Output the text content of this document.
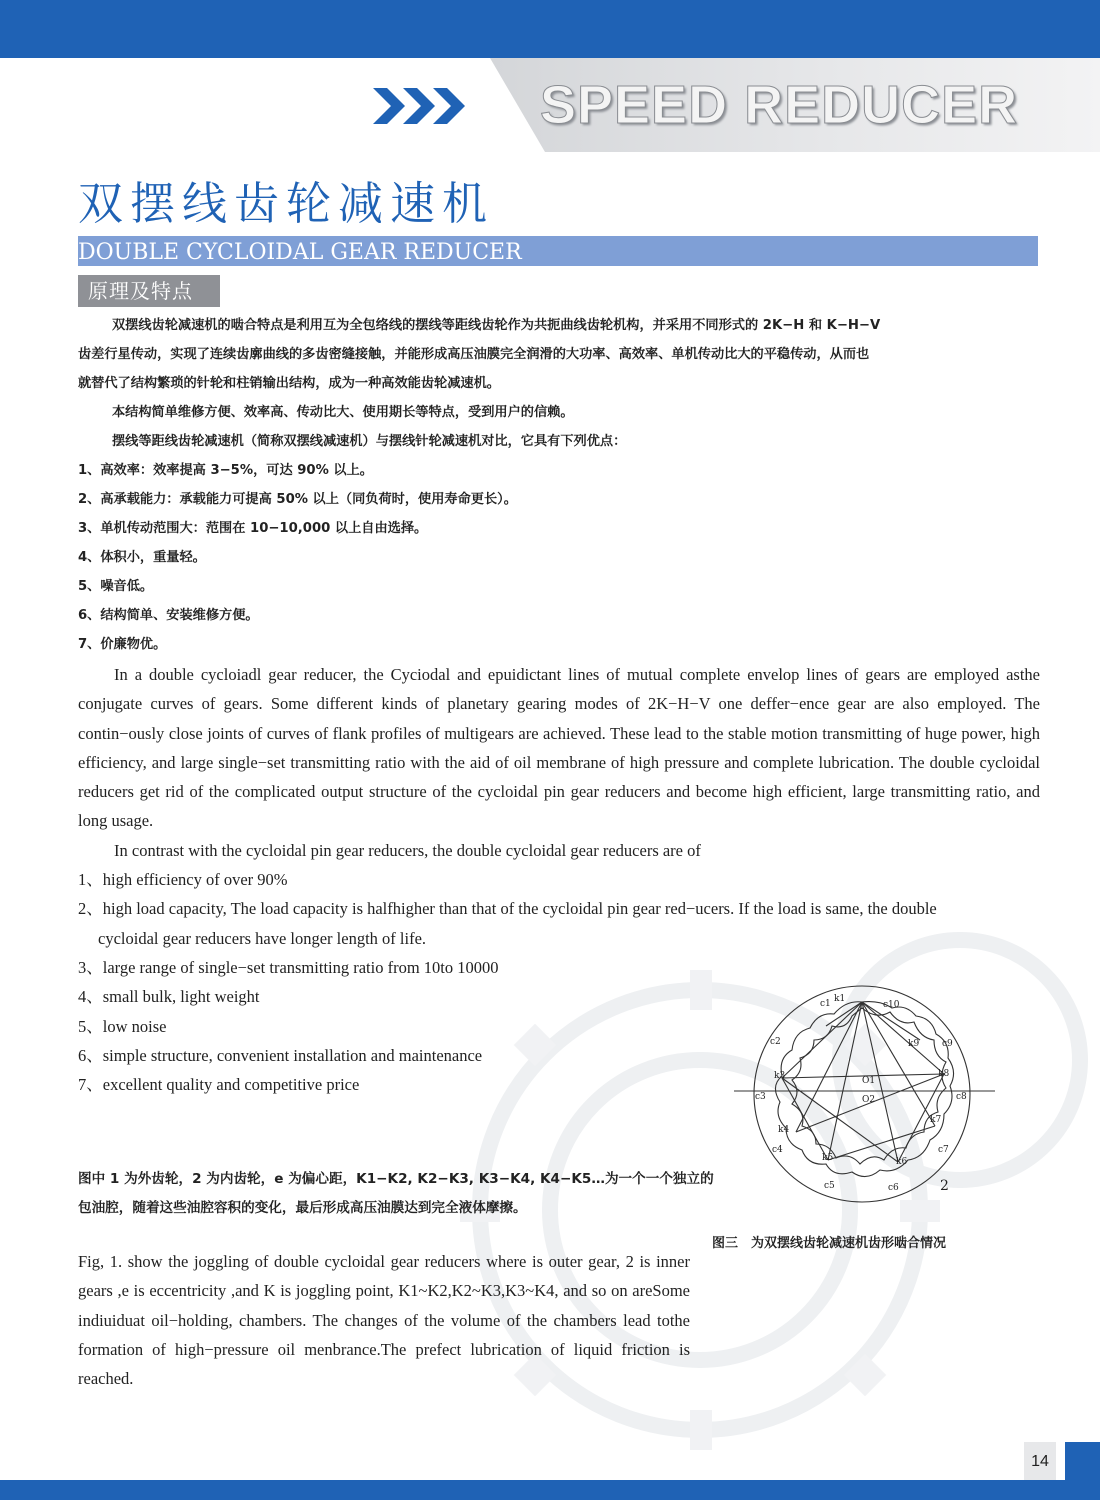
SPEED REDUCER
双摆线齿轮减速机
DOUBLE CYCLOIDAL GEAR REDUCER
原理及特点
双摆线齿轮减速机的啮合特点是利用互为全包络线的摆线等距线齿轮作为共扼曲线齿轮机构，并采用不同形式的 2K−H 和 K−H−V
齿差行星传动，实现了连续齿廓曲线的多齿密缝接触，并能形成高压油膜完全润滑的大功率、高效率、单机传动比大的平稳传动，从而也
就替代了结构繁琐的针轮和柱销输出结构，成为一种高效能齿轮减速机。
本结构简单维修方便、效率高、传动比大、使用期长等特点，受到用户的信赖。
摆线等距线齿轮减速机（简称双摆线减速机）与摆线针轮减速机对比，它具有下列优点：
1、高效率：效率提高 3−5%，可达 90% 以上。
2、高承载能力：承载能力可提高 50% 以上（同负荷时，使用寿命更长）。
3、单机传动范围大：范围在 10−10,000 以上自由选择。
4、体积小，重量轻。
5、噪音低。
6、结构简单、安装维修方便。
7、价廉物优。

In a double cycloiadl gear reducer, the Cyciodal and epuidictant lines of mutual complete envelop lines of gears are employed asthe conjugate curves of gears. Some different kinds of planetary gearing modes of 2K−H−V one deffer−ence gear are also employed. The contin−ously close joints of curves of flank profiles of multigears are achieved. These lead to the stable motion transmitting of huge power, high efficiency, and large single−set transmitting ratio with the aid of oil membrane of high pressure and complete lubrication. The double cycloidal reducers get rid of the complicated output structure of the cycloidal pin gear reducers and become high efficient, large transmitting ratio, and long usage.

In contrast with the cycloidal pin gear reducers, the double cycloidal gear reducers are of
1、high efficiency of over 90%
2、high load capacity, The load capacity is halfhigher than that of the cycloidal pin gear red−ucers. If the load is same, the double
cycloidal gear reducers have longer length of life.
3、large range of single−set transmitting ratio from 10to 10000
4、small bulk, light weight
5、low noise
6、simple structure, convenient installation and maintenance
7、excellent quality and competitive price
k1
c1	c10
c2	k9	c9
k3	k8
O1
O2
c3	c8
k7
k4
c4	c7
k5	k6
c5	c6	2
图中 1 为外齿轮，2 为内齿轮，e 为偏心距，K1−K2, K2−K3, K3−K4, K4−K5…为一个一个独立的包油腔，随着这些油腔容积的变化，最后形成高压油膜达到完全液体摩擦。
图三　为双摆线齿轮减速机齿形啮合情况
Fig, 1. show the joggling of double cycloidal gear reducers where is outer gear, 2 is inner gears ,e is eccentricity ,and K is joggling point, K1~K2,K2~K3,K3~K4, and so on areSome indiuiduat oil−holding, chambers. The changes of the volume of the chambers lead tothe formation of high−pressure oil menbrance.The prefect lubrication of liquid friction is reached.
14
